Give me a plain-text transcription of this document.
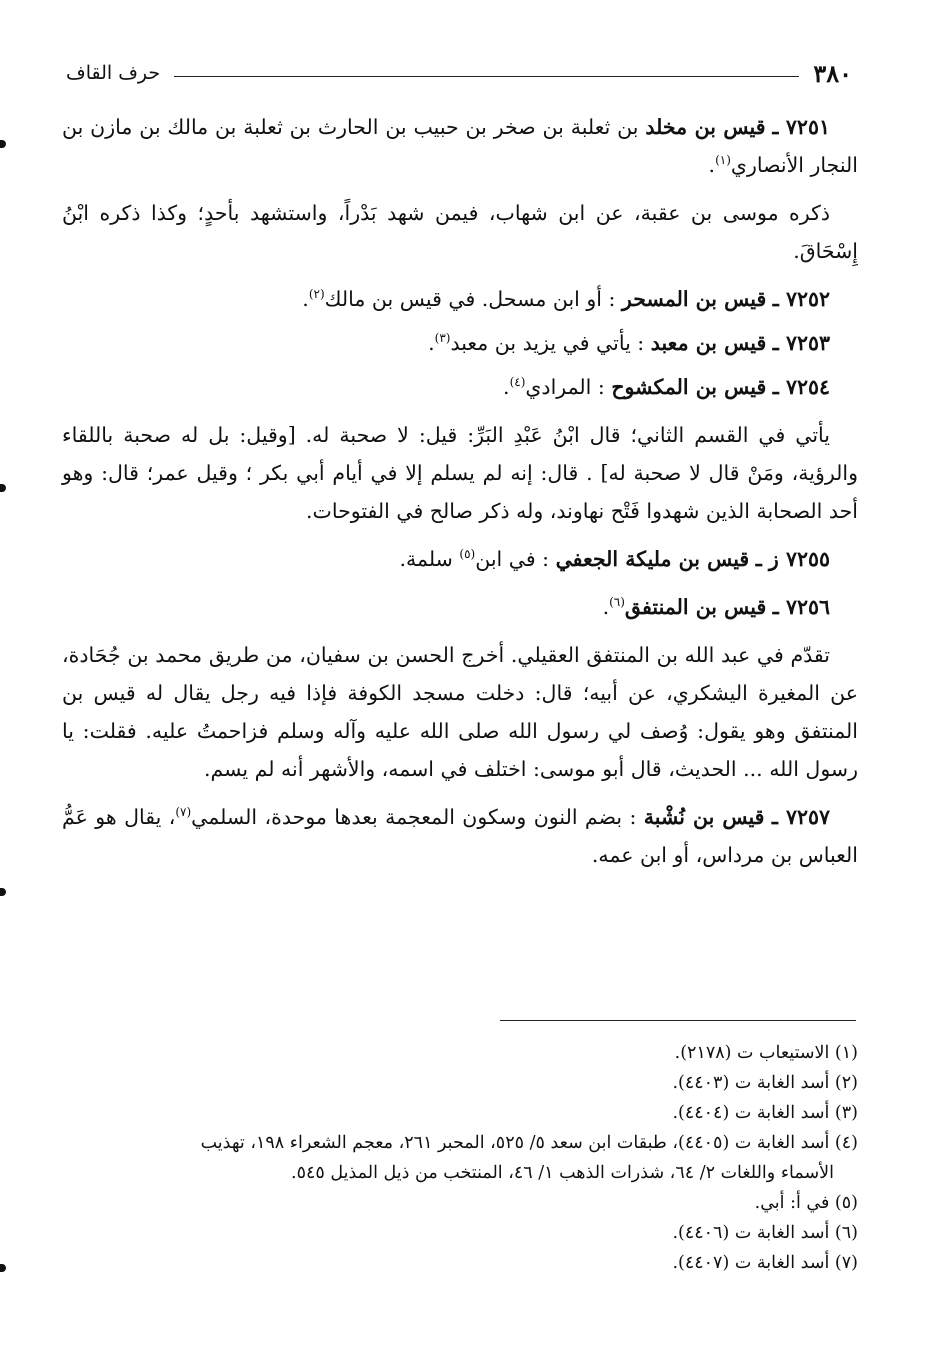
٣٨٠
حرف القاف

٧٢٥١ ـ قيس بن مخلد بن ثعلبة بن صخر بن حبيب بن الحارث بن ثعلبة بن مالك بن مازن بن النجار الأنصاري$^{(١)}$.

ذكره موسى بن عقبة، عن ابن شهاب، فيمن شهد بَدْراً، واستشهد بأحدٍ؛ وكذا ذكره ابْنُ إِسْحَاقَ.

٧٢٥٢ ـ قيس بن المسحر : أو ابن مسحل. في قيس بن مالك$^{(٢)}$.

٧٢٥٣ ـ قيس بن معبد : يأتي في يزيد بن معبد$^{(٣)}$.

٧٢٥٤ ـ قيس بن المكشوح : المرادي$^{(٤)}$.

يأتي في القسم الثاني؛ قال ابْنُ عَبْدِ البَرِّ: قيل: لا صحبة له. [وقيل: بل له صحبة باللقاء والرؤية، ومَنْ قال لا صحبة له] . قال: إنه لم يسلم إلا في أيام أبي بكر ؛ وقيل عمر؛ قال: وهو أحد الصحابة الذين شهدوا فَتْح نهاوند، وله ذكر صالح في الفتوحات.

٧٢٥٥ ز ـ قيس بن مليكة الجعفي : في ابن$^{(٥)}$ سلمة.

٧٢٥٦ ـ قيس بن المنتفق$^{(٦)}$.

تقدّم في عبد الله بن المنتفق العقيلي. أخرج الحسن بن سفيان، من طريق محمد بن جُحَادة، عن المغيرة اليشكري، عن أبيه؛ قال: دخلت مسجد الكوفة فإذا فيه رجل يقال له قيس بن المنتفق وهو يقول: وُصف لي رسول الله صلى الله عليه وآله وسلم فزاحمتُ عليه. فقلت: يا رسول الله ... الحديث، قال أبو موسى: اختلف في اسمه، والأشهر أنه لم يسم.

٧٢٥٧ ـ قيس بن نُشْبة : بضم النون وسكون المعجمة بعدها موحدة، السلمي$^{(٧)}$، يقال هو عَمُّ العباس بن مرداس، أو ابن عمه.

(١) الاستيعاب ت (٢١٧٨).

(٢) أسد الغابة ت (٤٤٠٣).

(٣) أسد الغابة ت (٤٤٠٤).

(٤) أسد الغابة ت (٤٤٠٥)، طبقات ابن سعد ٥/ ٥٢٥، المحبر ٢٦١، معجم الشعراء ١٩٨، تهذيب
الأسماء واللغات ٢/ ٦٤، شذرات الذهب ١/ ٤٦، المنتخب من ذيل المذيل ٥٤٥.

(٥) في أ: أبي.

(٦) أسد الغابة ت (٤٤٠٦).

(٧) أسد الغابة ت (٤٤٠٧).
